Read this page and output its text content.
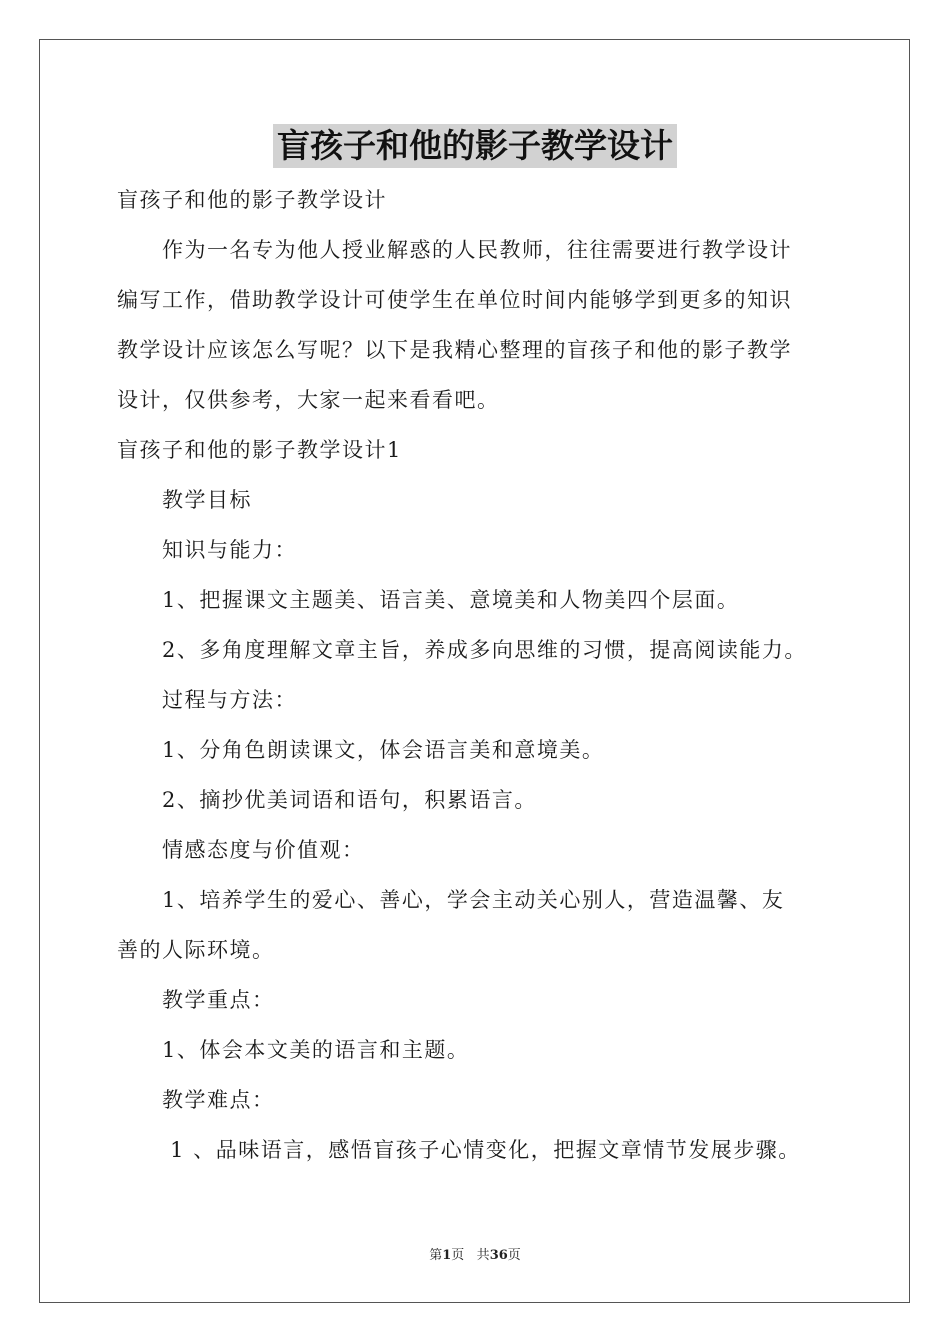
盲孩子和他的影子教学设计
盲孩子和他的影子教学设计
　　作为一名专为他人授业解惑的人民教师，往往需要进行教学设计
编写工作，借助教学设计可使学生在单位时间内能够学到更多的知识
教学设计应该怎么写呢？以下是我精心整理的盲孩子和他的影子教学
设计，仅供参考，大家一起来看看吧。
盲孩子和他的影子教学设计1
　　教学目标
　　知识与能力：
　　1、把握课文主题美、语言美、意境美和人物美四个层面。
　　2、多角度理解文章主旨，养成多向思维的习惯，提高阅读能力。
　　过程与方法：
　　1、分角色朗读课文，体会语言美和意境美。
　　2、摘抄优美词语和语句，积累语言。
　　情感态度与价值观：
　　1、培养学生的爱心、善心，学会主动关心别人，营造温馨、友
善的人际环境。
　　教学重点：
　　1、体会本文美的语言和主题。
　　教学难点：
　　 1 、品味语言，感悟盲孩子心情变化，把握文章情节发展步骤。
第1页 共36页
